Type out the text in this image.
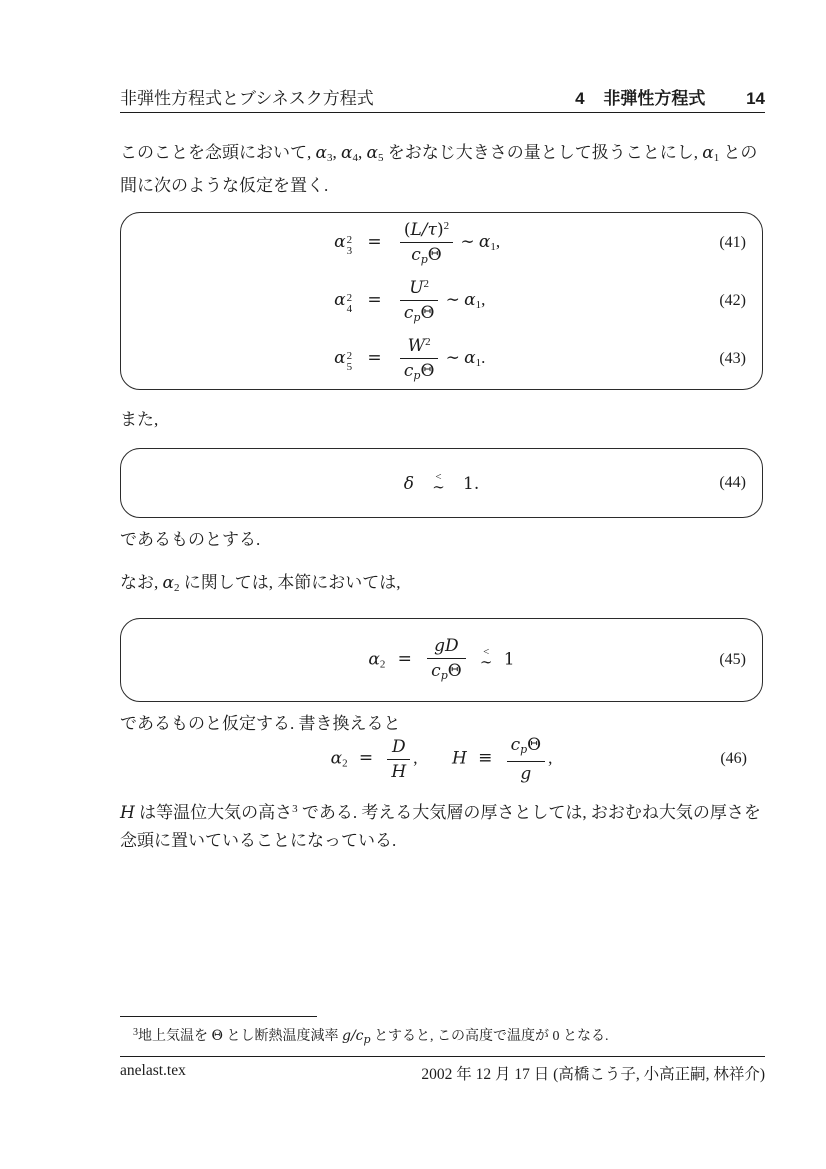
非弾性方程式とブシネスク方程式	4 非弾性方程式 14
このことを念頭において, $\alpha_3$, $\alpha_4$, $\alpha_5$ をおなじ大きさの量として扱うことにし, $\alpha_1$ との間に次のような仮定を置く.
α 2
$3 = \frac{(L/\tau)^2}{\text{cpΘ}}$ ∼ $\alpha_1$,	(41)
α 2
$4 = \frac{U^2}{\text{cpΘ}}$ ∼ $\alpha_1$,	(42)
α 2
$5 = \frac{W^2}{\text{cpΘ}}$ ∼ $\alpha_1$.	(43)
また,
δ <
∼ 1.	(44)
であるものとする.
なお, $\alpha_2$ に関しては, 本節においては,
$\alpha_2 = \frac{gD}{\text{cpΘ}}$
<
∼ 1	(45)
であるものと仮定する. 書き換えると
$\alpha_2 = \frac{D}{H}$ , $H \equiv \frac{\text{cpΘ}}{g}$ ,	(46)
H は等温位大気の高さ$^3$ である. 考える大気層の厚さとしては, おおむね大気の厚さを念頭に置いていることになっている.
$^3$地上気温を Θ とし断熱温度減率 $g/c_p$ とすると, この高度で温度が 0 となる.
anelast.tex	2002 年 12 月 17 日 (高橋こう子, 小高正嗣, 林祥介)
